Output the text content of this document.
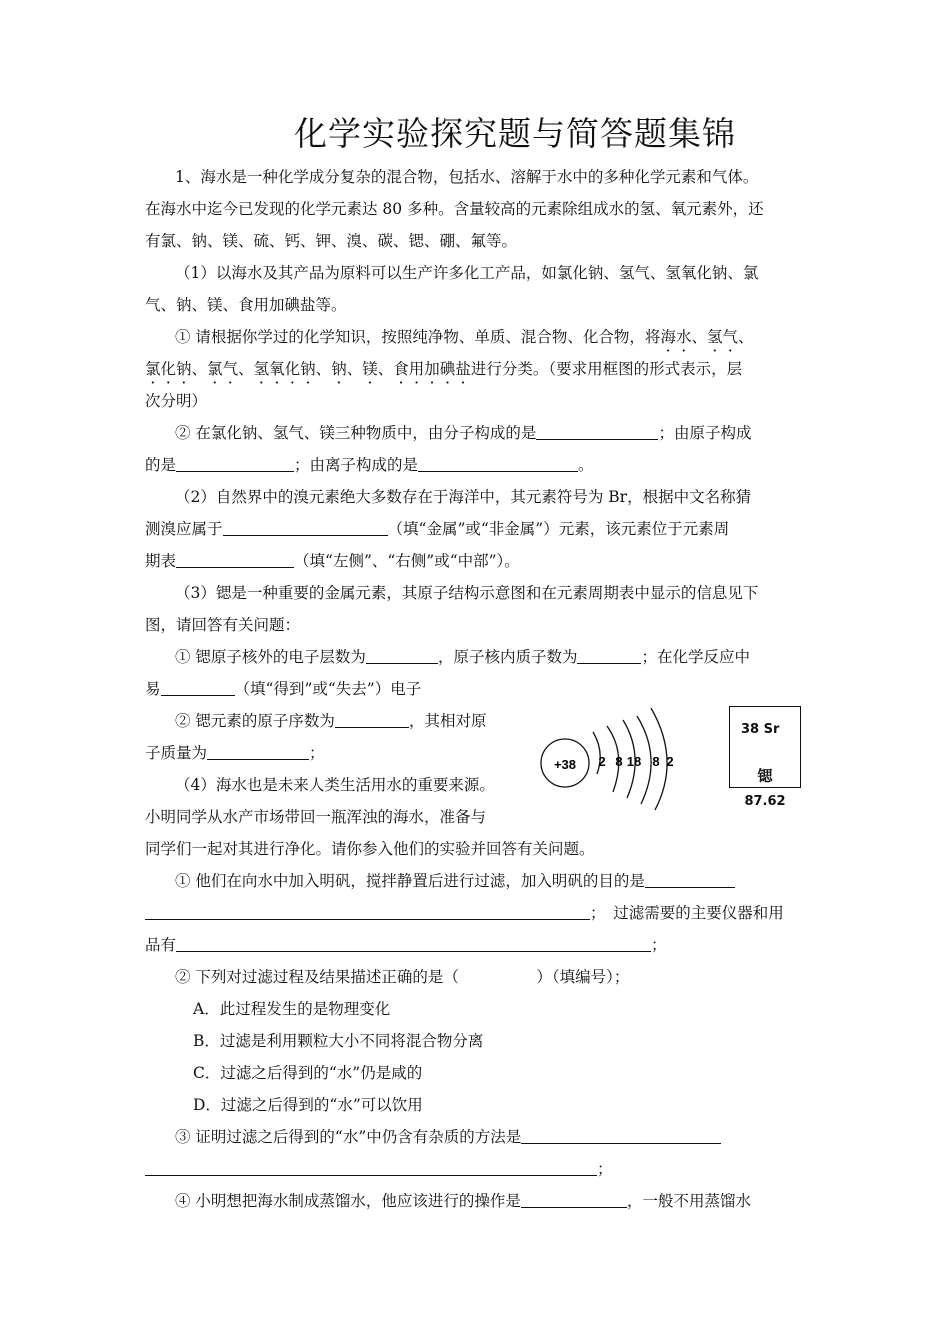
化学实验探究题与简答题集锦
1、海水是一种化学成分复杂的混合物，包括水、溶解于水中的多种化学元素和气体。
在海水中迄今已发现的化学元素达 80 多种。含量较高的元素除组成水的氢、氧元素外，还
有氯、钠、镁、硫、钙、钾、溴、碳、锶、硼、氟等。
（1）以海水及其产品为原料可以生产许多化工产品，如氯化钠、氢气、氢氧化钠、氯
气、钠、镁、食用加碘盐等。
① 请根据你学过的化学知识，按照纯净物、单质、混合物、化合物，将海水、氢气、
氯化钠、氯气、氢氧化钠、钠、镁、食用加碘盐进行分类。（要求用框图的形式表示，层
次分明）
② 在氯化钠、氢气、镁三种物质中，由分子构成的是	；由原子构成
的是	；由离子构成的是	。
（2）自然界中的溴元素绝大多数存在于海洋中，其元素符号为 Br，根据中文名称猜
测溴应属于	（填“金属”或“非金属”）元素，该元素位于元素周
期表	（填“左侧”、“右侧”或“中部”）。
（3）锶是一种重要的金属元素，其原子结构示意图和在元素周期表中显示的信息见下
图，请回答有关问题：
① 锶原子核外的电子层数为	，原子核内质子数为	；在化学反应中
易	（填“得到”或“失去”）电子
② 锶元素的原子序数为	，其相对原
子质量为	；
（4）海水也是未来人类生活用水的重要来源。
小明同学从水产市场带回一瓶浑浊的海水，准备与
同学们一起对其进行净化。请你参入他们的实验并回答有关问题。
① 他们在向水中加入明矾，搅拌静置后进行过滤，加入明矾的目的是
；　过滤需要的主要仪器和用
品有	；
② 下列对过滤过程及结果描述正确的是（　　　　　）（填编号）；
A．此过程发生的是物理变化
B．过滤是利用颗粒大小不同将混合物分离
C．过滤之后得到的“水”仍是咸的
D．过滤之后得到的“水”可以饮用
③ 证明过滤之后得到的“水”中仍含有杂质的方法是
；
④ 小明想把海水制成蒸馏水，他应该进行的操作是	，一般不用蒸馏水
+38 2 8 18 8 2
38 Sr
锶
87.62
